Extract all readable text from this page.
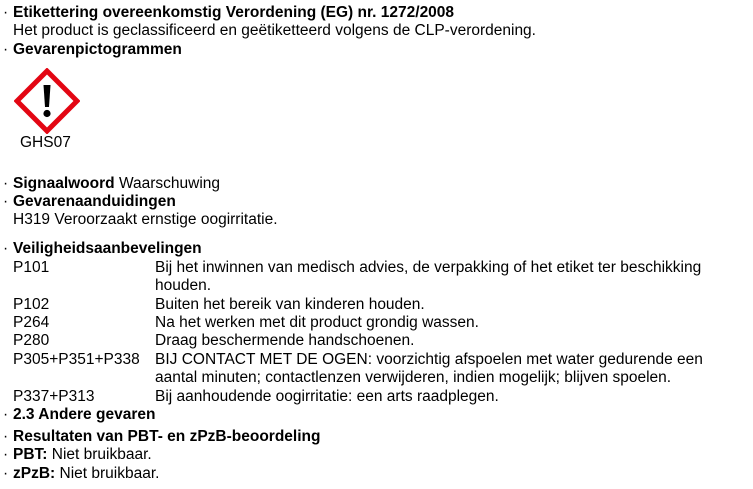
· Etikettering overeenkomstig Verordening (EG) nr. 1272/2008
Het product is geclassificeerd en geëtiketteerd volgens de CLP-verordening.
· Gevarenpictogrammen
GHS07
· Signaalwoord Waarschuwing
· Gevarenaanduidingen
H319 Veroorzaakt ernstige oogirritatie.
· Veiligheidsaanbevelingen
P101	Bij het inwinnen van medisch advies, de verpakking of het etiket ter beschikking
houden.
P102	Buiten het bereik van kinderen houden.
P264	Na het werken met dit product grondig wassen.
P280	Draag beschermende handschoenen.
P305+P351+P338 BIJ CONTACT MET DE OGEN: voorzichtig afspoelen met water gedurende een
aantal minuten; contactlenzen verwijderen, indien mogelijk; blijven spoelen.
P337+P313	Bij aanhoudende oogirritatie: een arts raadplegen.
· 2.3 Andere gevaren
· Resultaten van PBT- en zPzB-beoordeling
· PBT: Niet bruikbaar.
· zPzB: Niet bruikbaar.
